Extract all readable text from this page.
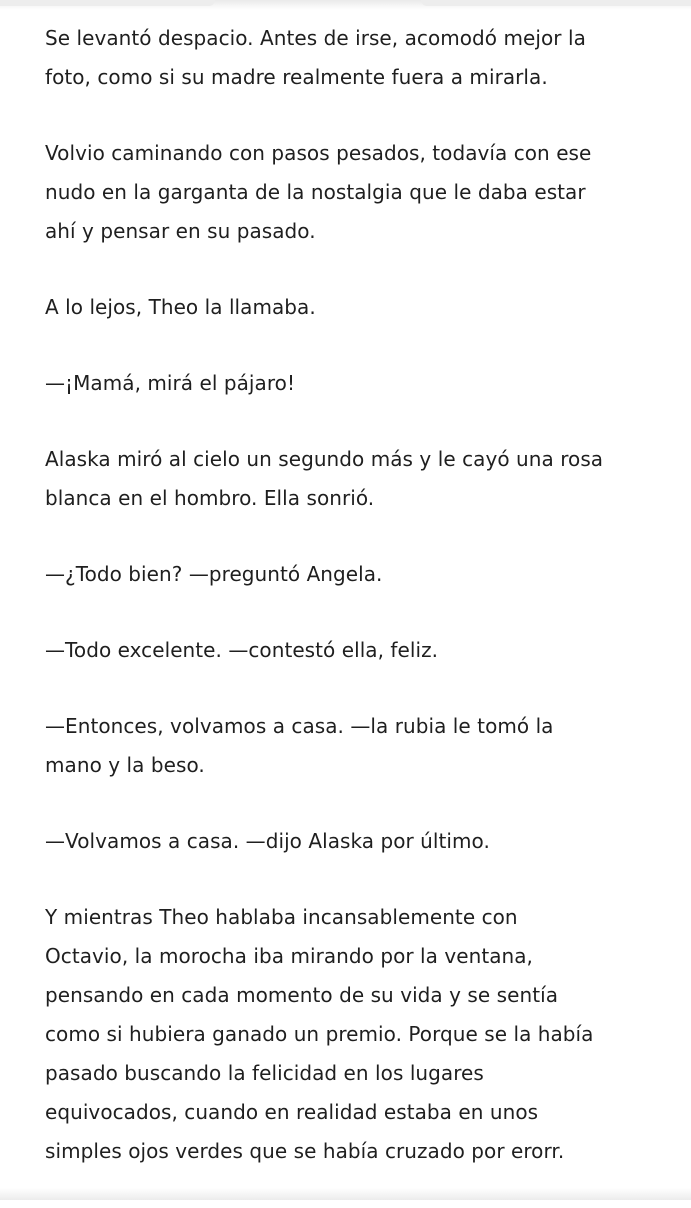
Se levantó despacio. Antes de irse, acomodó mejor la
foto, como si su madre realmente fuera a mirarla.

Volvio caminando con pasos pesados, todavía con ese
nudo en la garganta de la nostalgia que le daba estar
ahí y pensar en su pasado.

A lo lejos, Theo la llamaba.

—¡Mamá, mirá el pájaro!

Alaska miró al cielo un segundo más y le cayó una rosa
blanca en el hombro. Ella sonrió.

—¿Todo bien? —preguntó Angela.

—Todo excelente. —contestó ella, feliz.

—Entonces, volvamos a casa. —la rubia le tomó la
mano y la beso.

—Volvamos a casa. —dijo Alaska por último.

Y mientras Theo hablaba incansablemente con
Octavio, la morocha iba mirando por la ventana,
pensando en cada momento de su vida y se sentía
como si hubiera ganado un premio. Porque se la había
pasado buscando la felicidad en los lugares
equivocados, cuando en realidad estaba en unos
simples ojos verdes que se había cruzado por erorr.
